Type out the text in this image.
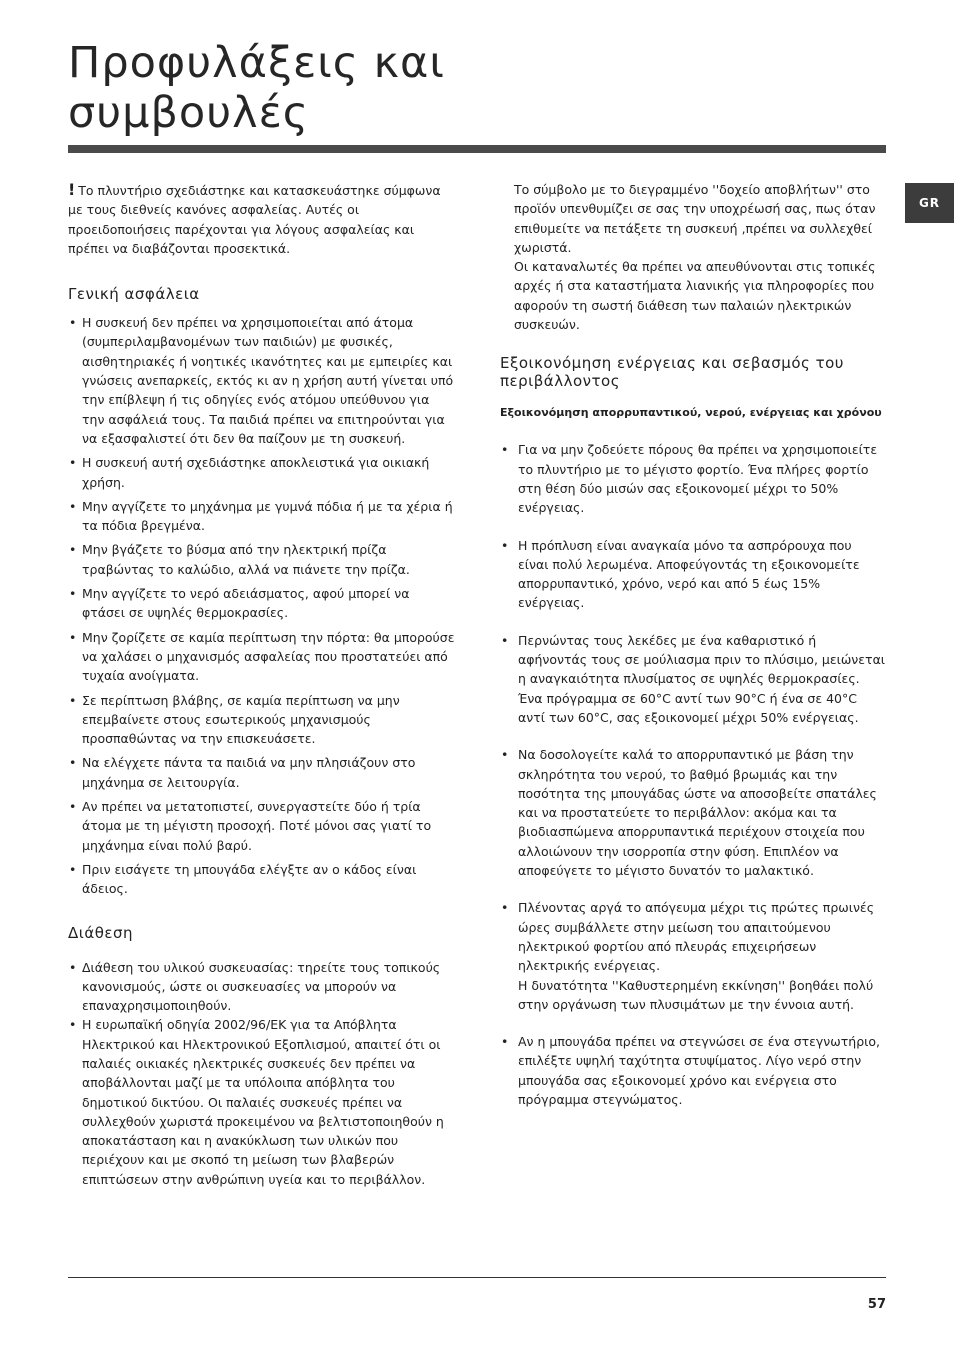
Προφυλάξεις και συμβουλές
GR

! Το πλυντήριο σχεδιάστηκε και κατασκευάστηκε σύμφωνα με τους διεθνείς κανόνες ασφαλείας. Αυτές οι προειδοποιήσεις παρέχονται για λόγους ασφαλείας και πρέπει να διαβάζονται προσεκτικά.

Γενική ασφάλεια
• Η συσκευή δεν πρέπει να χρησιμοποιείται από άτομα (συμπεριλαμβανομένων των παιδιών) με φυσικές, αισθητηριακές ή νοητικές ικανότητες και με εμπειρίες και γνώσεις ανεπαρκείς, εκτός κι αν η χρήση αυτή γίνεται υπό την επίβλεψη ή τις οδηγίες ενός ατόμου υπεύθυνου για την ασφάλειά τους. Τα παιδιά πρέπει να επιτηρούνται για να εξασφαλιστεί ότι δεν θα παίζουν με τη συσκευή.
• Η συσκευή αυτή σχεδιάστηκε αποκλειστικά για οικιακή χρήση.
• Μην αγγίζετε το μηχάνημα με γυμνά πόδια ή με τα χέρια ή τα πόδια βρεγμένα.
• Μην βγάζετε το βύσμα από την ηλεκτρική πρίζα τραβώντας το καλώδιο, αλλά να πιάνετε την πρίζα.
• Μην αγγίζετε το νερό αδειάσματος, αφού μπορεί να φτάσει σε υψηλές θερμοκρασίες.
• Μην ζορίζετε σε καμία περίπτωση την πόρτα: θα μπορούσε να χαλάσει ο μηχανισμός ασφαλείας που προστατεύει από τυχαία ανοίγματα.
• Σε περίπτωση βλάβης, σε καμία περίπτωση να μην επεμβαίνετε στους εσωτερικούς μηχανισμούς προσπαθώντας να την επισκευάσετε.
• Να ελέγχετε πάντα τα παιδιά να μην πλησιάζουν στο μηχάνημα σε λειτουργία.
• Αν πρέπει να μετατοπιστεί, συνεργαστείτε δύο ή τρία άτομα με τη μέγιστη προσοχή. Ποτέ μόνοι σας γιατί το μηχάνημα είναι πολύ βαρύ.
• Πριν εισάγετε τη μπουγάδα ελέγξτε αν ο κάδος είναι άδειος.
Διάθεση
• Διάθεση του υλικού συσκευασίας: τηρείτε τους τοπικούς κανονισμούς, ώστε οι συσκευασίες να μπορούν να επαναχρησιμοποιηθούν.
• Η ευρωπαϊκή οδηγία 2002/96/ΕΚ για τα Απόβλητα Ηλεκτρικού και Ηλεκτρονικού Εξοπλισμού, απαιτεί ότι οι παλαιές οικιακές ηλεκτρικές συσκευές δεν πρέπει να αποβάλλονται μαζί με τα υπόλοιπα απόβλητα του δημοτικού δικτύου. Οι παλαιές συσκευές πρέπει να συλλεχθούν χωριστά προκειμένου να βελτιστοποιηθούν η αποκατάσταση και η ανακύκλωση των υλικών που περιέχουν και με σκοπό τη μείωση των βλαβερών επιπτώσεων στην ανθρώπινη υγεία και το περιβάλλον.
Το σύμβολο με το διεγραμμένο ''δοχείο αποβλήτων'' στο προϊόν υπενθυμίζει σε σας την υποχρέωσή σας, πως όταν επιθυμείτε να πετάξετε τη συσκευή ,πρέπει να συλλεχθεί χωριστά.
Οι καταναλωτές θα πρέπει να απευθύνονται στις τοπικές αρχές ή στα καταστήματα λιανικής για πληροφορίες που αφορούν τη σωστή διάθεση των παλαιών ηλεκτρικών συσκευών.
Εξοικονόμηση ενέργειας και σεβασμός του περιβάλλοντος
Εξοικονόμηση απορρυπαντικού, νερού, ενέργειας και χρόνου
• Για να μην ζοδεύετε πόρους θα πρέπει να χρησιμοποιείτε το πλυντήριο με το μέγιστο φορτίο. Ένα πλήρες φορτίο στη θέση δύο μισών σας εξοικονομεί μέχρι το 50% ενέργειας.
• Η πρόπλυση είναι αναγκαία μόνο τα ασπρόρουχα που είναι πολύ λερωμένα. Αποφεύγοντάς τη εξοικονομείτε απορρυπαντικό, χρόνο, νερό και από 5 έως 15% ενέργειας.
• Περνώντας τους λεκέδες με ένα καθαριστικό ή αφήνοντάς τους σε μούλιασμα πριν το πλύσιμο, μειώνεται η αναγκαιότητα πλυσίματος σε υψηλές θερμοκρασίες. Ένα πρόγραμμα σε 60°C αντί των 90°C ή ένα σε 40°C αντί των 60°C, σας εξοικονομεί μέχρι 50% ενέργειας.
• Να δοσολογείτε καλά το απορρυπαντικό με βάση την σκληρότητα του νερού, το βαθμό βρωμιάς και την ποσότητα της μπουγάδας ώστε να αποσοβείτε σπατάλες και να προστατεύετε το περιβάλλον: ακόμα και τα βιοδιασπώμενα απορρυπαντικά περιέχουν στοιχεία που αλλοιώνουν την ισορροπία στην φύση. Επιπλέον να αποφεύγετε το μέγιστο δυνατόν το μαλακτικό.
• Πλένοντας αργά το απόγευμα μέχρι τις πρώτες πρωινές ώρες συμβάλλετε στην μείωση του απαιτούμενου ηλεκτρικού φορτίου από πλευράς επιχειρήσεων ηλεκτρικής ενέργειας.
Η δυνατότητα ''Καθυστερημένη εκκίνηση'' βοηθάει πολύ στην οργάνωση των πλυσιμάτων με την έννοια αυτή.
• Αν η μπουγάδα πρέπει να στεγνώσει σε ένα στεγνωτήριο, επιλέξτε υψηλή ταχύτητα στυψίματος. Λίγο νερό στην μπουγάδα σας εξοικονομεί χρόνο και ενέργεια στο πρόγραμμα στεγνώματος.
57
